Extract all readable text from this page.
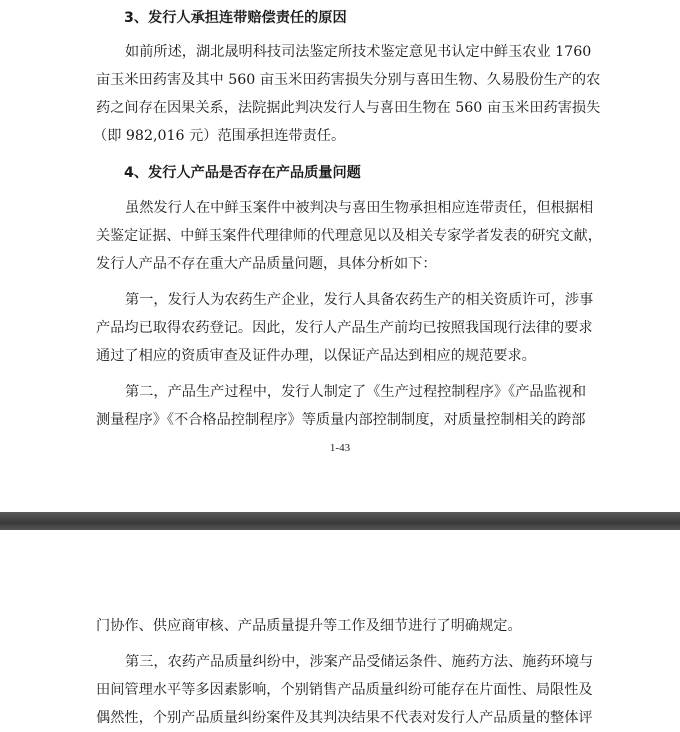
3、发行人承担连带赔偿责任的原因
如前所述，湖北晟明科技司法鉴定所技术鉴定意见书认定中鲜玉农业 1760
亩玉米田药害及其中 560 亩玉米田药害损失分别与喜田生物、久易股份生产的农
药之间存在因果关系，法院据此判决发行人与喜田生物在 560 亩玉米田药害损失
（即 982,016 元）范围承担连带责任。
4、发行人产品是否存在产品质量问题
虽然发行人在中鲜玉案件中被判决与喜田生物承担相应连带责任，但根据相
关鉴定证据、中鲜玉案件代理律师的代理意见以及相关专家学者发表的研究文献，
发行人产品不存在重大产品质量问题，具体分析如下：
第一，发行人为农药生产企业，发行人具备农药生产的相关资质许可，涉事
产品均已取得农药登记。因此，发行人产品生产前均已按照我国现行法律的要求
通过了相应的资质审查及证件办理，以保证产品达到相应的规范要求。
第二，产品生产过程中，发行人制定了《生产过程控制程序》《产品监视和
测量程序》《不合格品控制程序》等质量内部控制制度，对质量控制相关的跨部
1-43
门协作、供应商审核、产品质量提升等工作及细节进行了明确规定。
第三，农药产品质量纠纷中，涉案产品受储运条件、施药方法、施药环境与
田间管理水平等多因素影响，个别销售产品质量纠纷可能存在片面性、局限性及
偶然性，个别产品质量纠纷案件及其判决结果不代表对发行人产品质量的整体评
